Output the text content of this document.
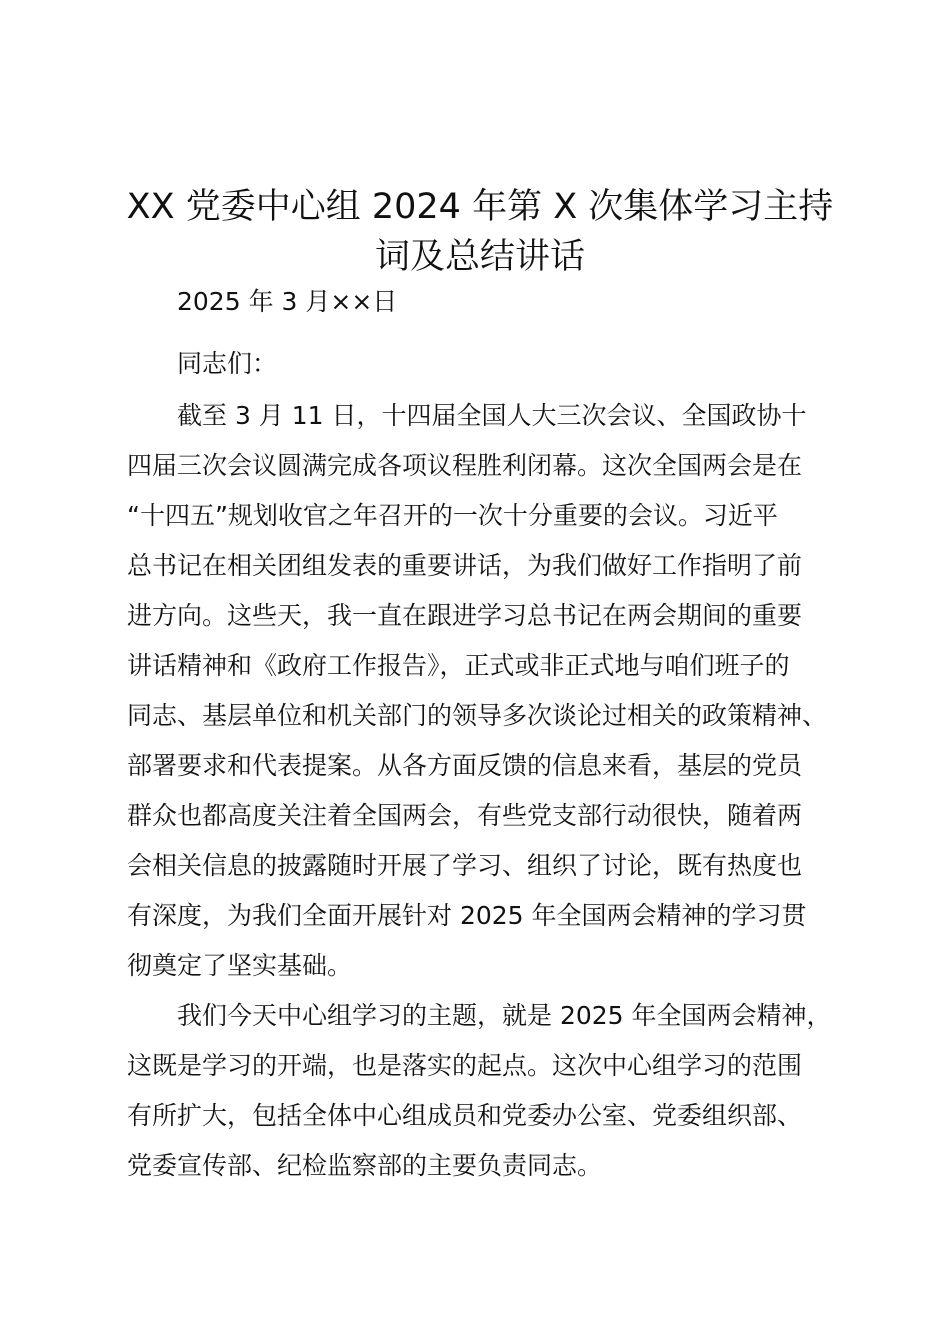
XX 党委中心组 2024 年第 X 次集体学习主持
词及总结讲话
2025 年 3 月××日
同志们：
截至 3 月 11 日，十四届全国人大三次会议、全国政协十
四届三次会议圆满完成各项议程胜利闭幕。这次全国两会是在
“十四五”规划收官之年召开的一次十分重要的会议。习近平
总书记在相关团组发表的重要讲话，为我们做好工作指明了前
进方向。这些天，我一直在跟进学习总书记在两会期间的重要
讲话精神和《政府工作报告》，正式或非正式地与咱们班子的
同志、基层单位和机关部门的领导多次谈论过相关的政策精神、
部署要求和代表提案。从各方面反馈的信息来看，基层的党员
群众也都高度关注着全国两会，有些党支部行动很快，随着两
会相关信息的披露随时开展了学习、组织了讨论，既有热度也
有深度，为我们全面开展针对 2025 年全国两会精神的学习贯
彻奠定了坚实基础。
我们今天中心组学习的主题，就是 2025 年全国两会精神，
这既是学习的开端，也是落实的起点。这次中心组学习的范围
有所扩大，包括全体中心组成员和党委办公室、党委组织部、
党委宣传部、纪检监察部的主要负责同志。
